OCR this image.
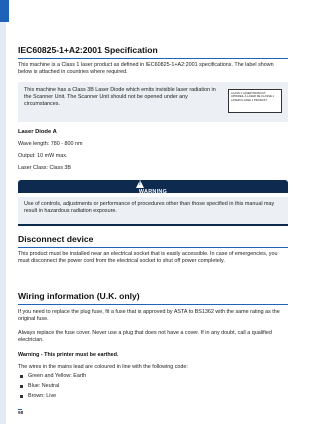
IEC60825-1+A2:2001 Specification

This machine is a Class 1 laser product as defined in IEC60825-1+A2:2001 specifications. The label shown below is attached in countries where required.

This machine has a Class 3B Laser Diode which emits invisible laser radiation in the Scanner Unit. The Scanner Unit should not be opened under any circumstances.

CLASS 1 LASER PRODUCT
APPAREIL À LASER DE CLASSE 1
LASER KLASSE 1 PRODUKT
Laser Diode A
Wave length: 780 - 800 nm
Output: 10 mW max.
Laser Class: Class 3B
!
WARNING

Use of controls, adjustments or performance of procedures other than those specified in this manual may result in hazardous radiation exposure.

Disconnect device

This product must be installed near an electrical socket that is easily accessible. In case of emergencies, you must disconnect the power cord from the electrical socket to shut off power completely.

Wiring information (U.K. only)

If you need to replace the plug fuse, fit a fuse that is approved by ASTA to BS1362 with the same rating as the original fuse.

Always replace the fuse cover. Never use a plug that does not have a cover. If in any doubt, call a qualified electrician.

Warning - This printer must be earthed.
The wires in the mains lead are coloured in line with the following code:
Green and Yellow: Earth
Blue: Neutral
Brown: Live
98
